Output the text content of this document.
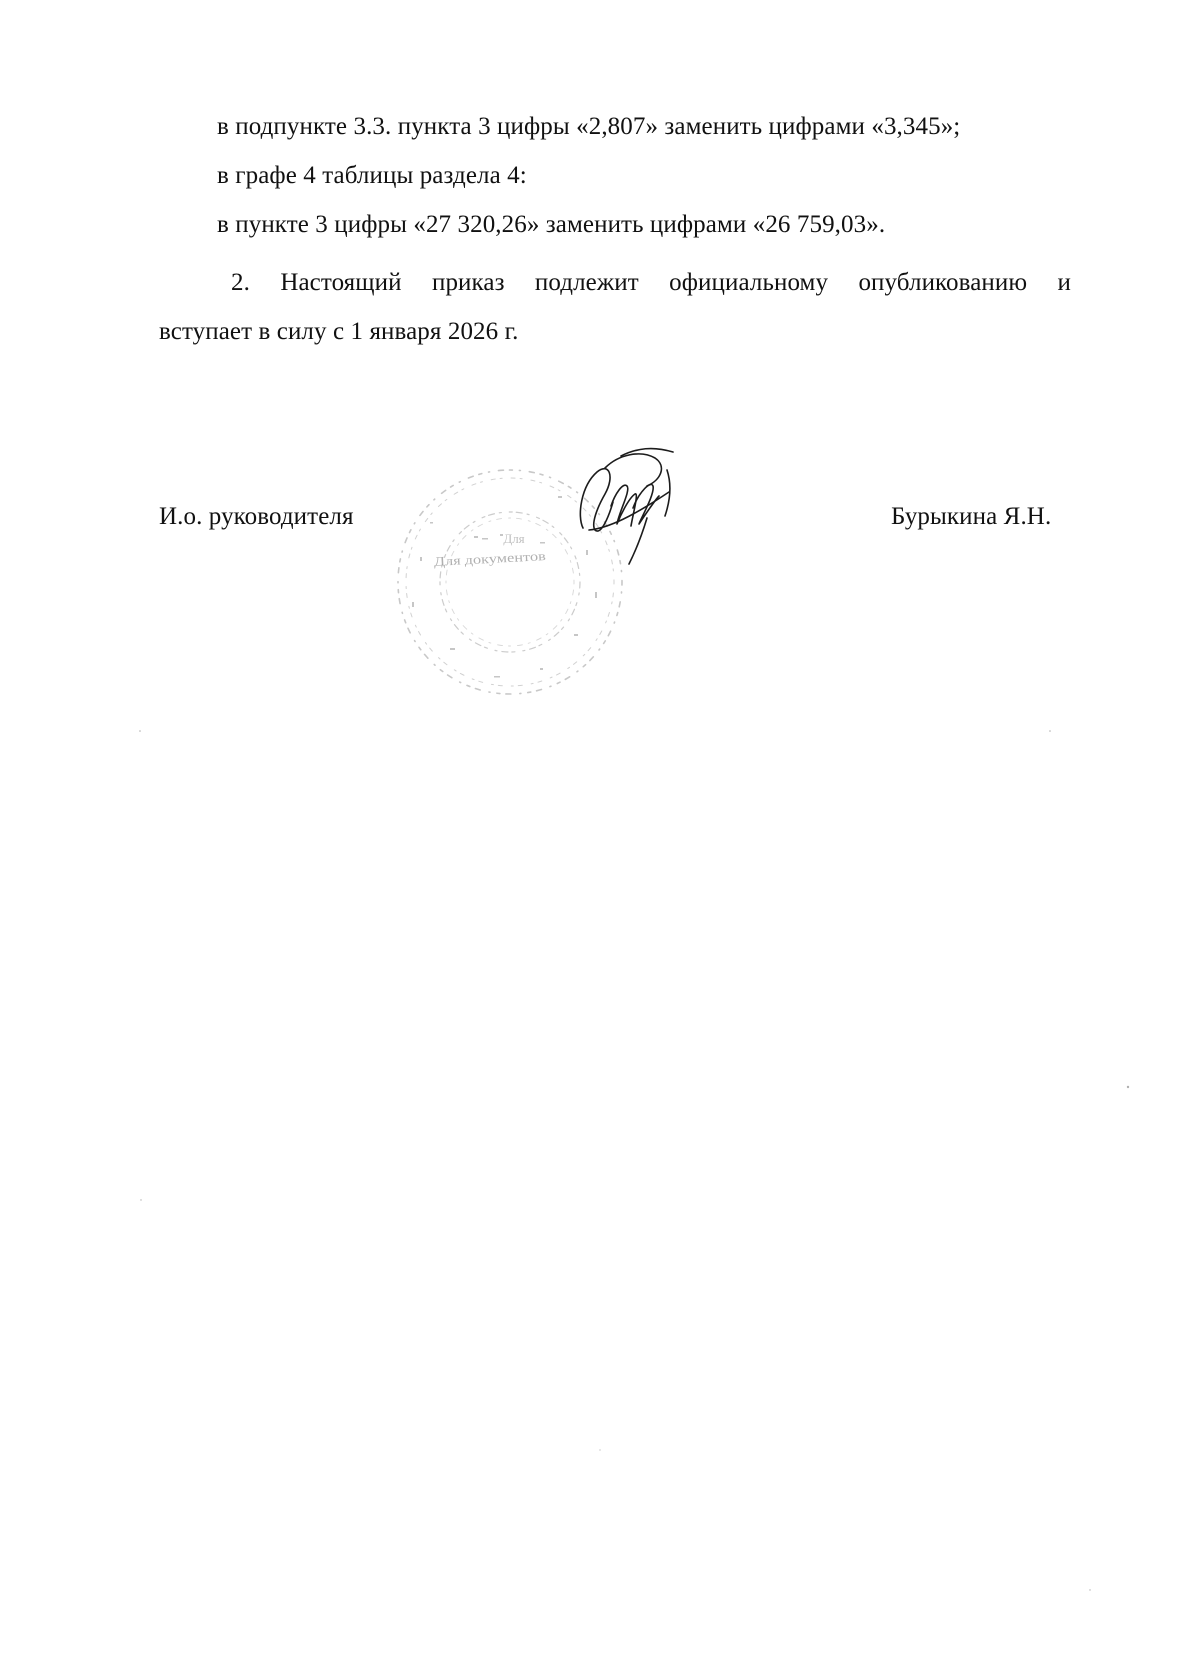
в подпункте 3.3. пункта 3 цифры «2,807» заменить цифрами «3,345»;
в графе 4 таблицы раздела 4:
в пункте 3 цифры «27 320,26» заменить цифрами «26 759,03».
2. Настоящий приказ подлежит официальному опубликованию и
вступает в силу с 1 января 2026 г.
И.о. руководителя	Бурыкина Я.Н.
Для
Для документов
